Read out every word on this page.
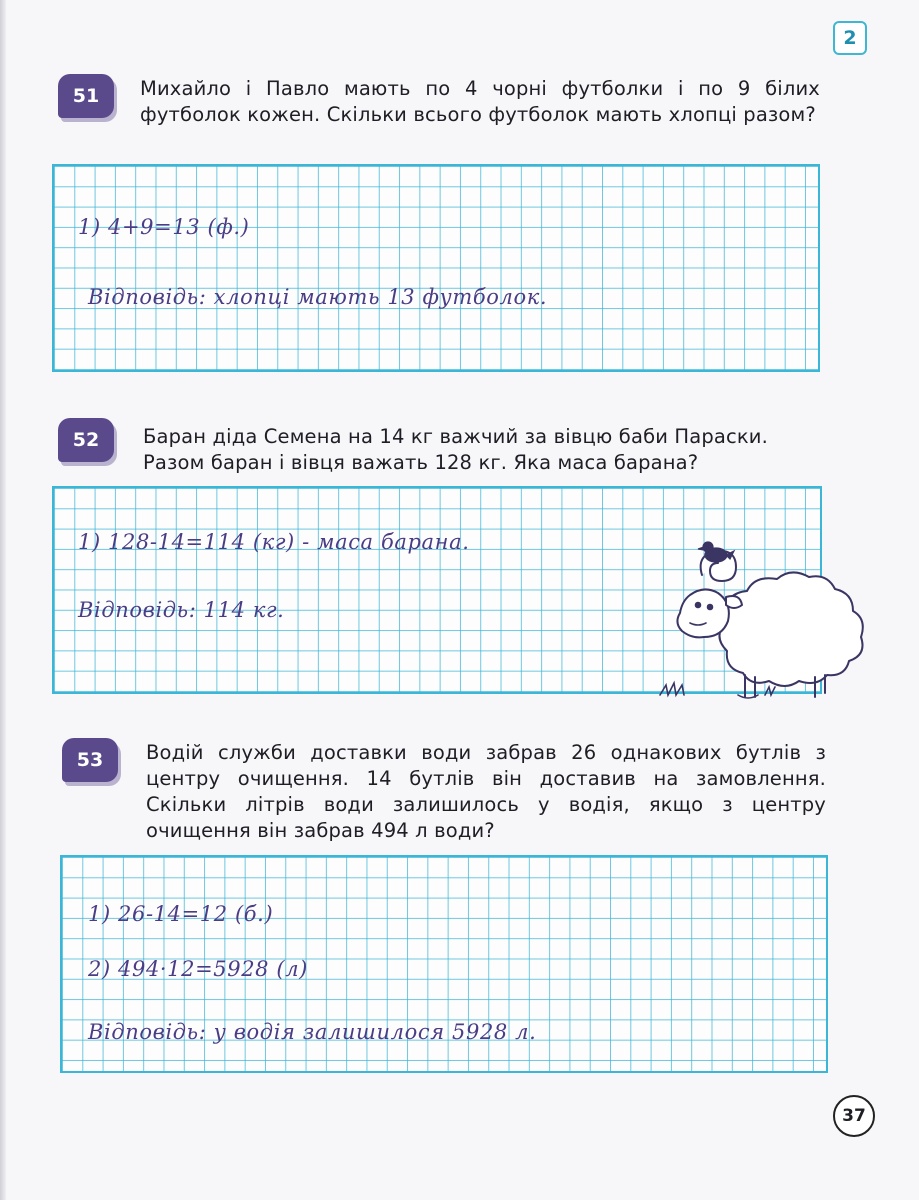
2
51	Михайло і Павло мають по 4 чорні футболки і по 9 білих футболок кожен. Скільки всього футболок мають хлопці разом?
1) 4+9=13 (ф.)
Відповідь: хлопці мають 13 футболок.
52	Баран діда Семена на 14 кг важчий за вівцю баби Параски. Разом баран і вівця важать 128 кг. Яка маса барана?
1) 128-14=114 (кг) - маса барана.
Відповідь: 114 кг.
53	Водій служби доставки води забрав 26 однакових бутлів з центру очищення. 14 бутлів він доставив на замовлення. Скільки літрів води залишилось у водія, якщо з центру очищення він забрав 494 л води?
1) 26-14=12 (б.)
2) 494·12=5928 (л)
Відповідь: у водія залишилося 5928 л.
37
